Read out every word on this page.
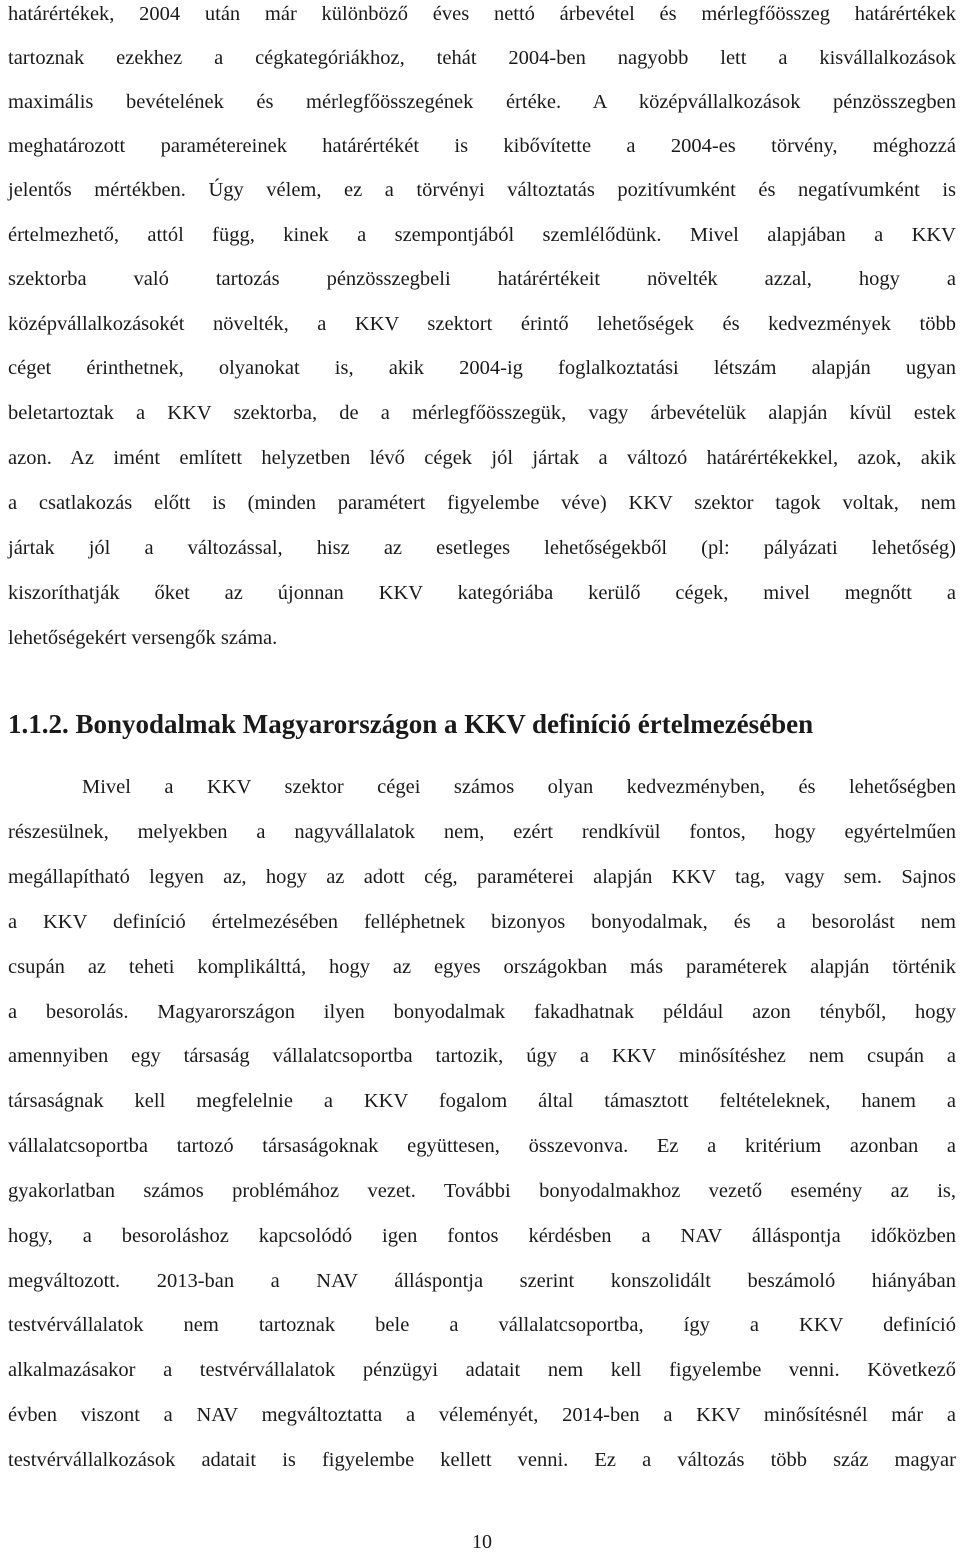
határértékek, 2004 után már különböző éves nettó árbevétel és mérlegfőösszeg határértékek
tartoznak ezekhez a cégkategóriákhoz, tehát 2004-ben nagyobb lett a kisvállalkozások
maximális bevételének és mérlegfőösszegének értéke. A középvállalkozások pénzösszegben
meghatározott paramétereinek határértékét is kibővítette a 2004-es törvény, méghozzá
jelentős mértékben. Úgy vélem, ez a törvényi változtatás pozitívumként és negatívumként is
értelmezhető, attól függ, kinek a szempontjából szemlélődünk. Mivel alapjában a KKV
szektorba való tartozás pénzösszegbeli határértékeit növelték azzal, hogy a
középvállalkozásokét növelték, a KKV szektort érintő lehetőségek és kedvezmények több
céget érinthetnek, olyanokat is, akik 2004-ig foglalkoztatási létszám alapján ugyan
beletartoztak a KKV szektorba, de a mérlegfőösszegük, vagy árbevételük alapján kívül estek
azon. Az imént említett helyzetben lévő cégek jól jártak a változó határértékekkel, azok, akik
a csatlakozás előtt is (minden paramétert figyelembe véve) KKV szektor tagok voltak, nem
jártak jól a változással, hisz az esetleges lehetőségekből (pl: pályázati lehetőség)
kiszoríthatják őket az újonnan KKV kategóriába kerülő cégek, mivel megnőtt a
lehetőségekért versengők száma.
1.1.2. Bonyodalmak Magyarországon a KKV definíció értelmezésében
Mivel a KKV szektor cégei számos olyan kedvezményben, és lehetőségben
részesülnek, melyekben a nagyvállalatok nem, ezért rendkívül fontos, hogy egyértelműen
megállapítható legyen az, hogy az adott cég, paraméterei alapján KKV tag, vagy sem. Sajnos
a KKV definíció értelmezésében felléphetnek bizonyos bonyodalmak, és a besorolást nem
csupán az teheti komplikálttá, hogy az egyes országokban más paraméterek alapján történik
a besorolás. Magyarországon ilyen bonyodalmak fakadhatnak például azon tényből, hogy
amennyiben egy társaság vállalatcsoportba tartozik, úgy a KKV minősítéshez nem csupán a
társaságnak kell megfelelnie a KKV fogalom által támasztott feltételeknek, hanem a
vállalatcsoportba tartozó társaságoknak együttesen, összevonva. Ez a kritérium azonban a
gyakorlatban számos problémához vezet. További bonyodalmakhoz vezető esemény az is,
hogy, a besoroláshoz kapcsolódó igen fontos kérdésben a NAV álláspontja időközben
megváltozott. 2013-ban a NAV álláspontja szerint konszolidált beszámoló hiányában
testvérvállalatok nem tartoznak bele a vállalatcsoportba, így a KKV definíció
alkalmazásakor a testvérvállalatok pénzügyi adatait nem kell figyelembe venni. Következő
évben viszont a NAV megváltoztatta a véleményét, 2014-ben a KKV minősítésnél már a
testvérvállalkozások adatait is figyelembe kellett venni. Ez a változás több száz magyar
10
